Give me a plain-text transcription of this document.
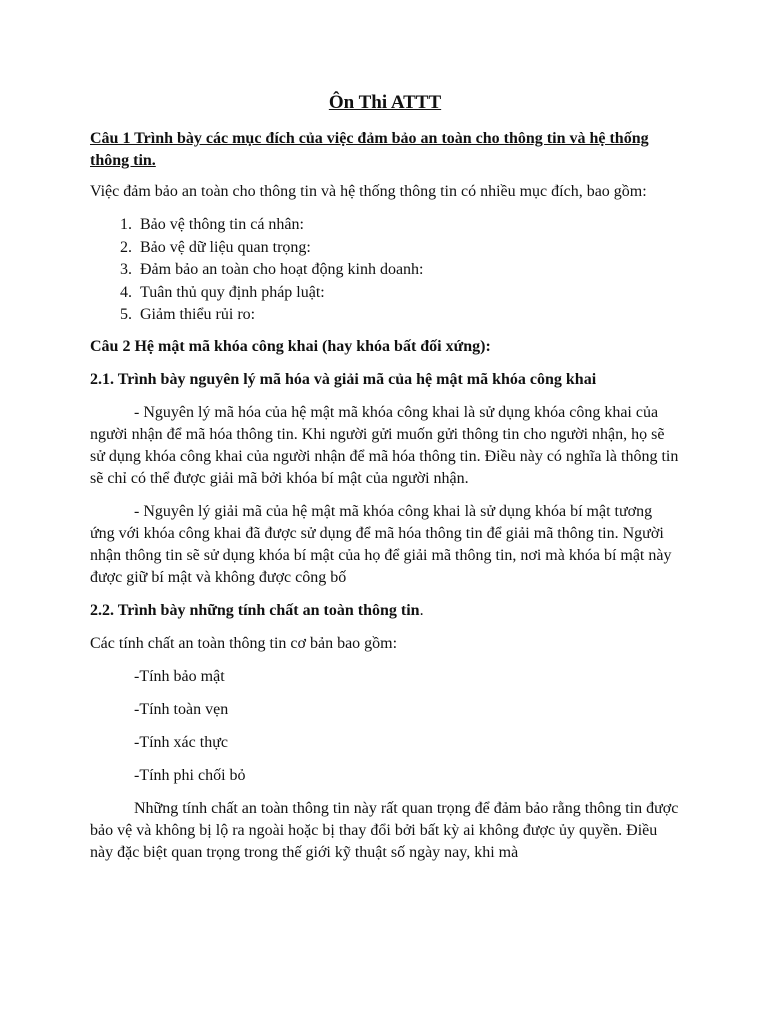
Ôn Thi ATTT
Câu 1 Trình bày các mục đích của việc đảm bảo an toàn cho thông tin và hệ thống thông tin.

Việc đảm bảo an toàn cho thông tin và hệ thống thông tin có nhiều mục đích, bao gồm:

1. Bảo vệ thông tin cá nhân:
2. Bảo vệ dữ liệu quan trọng:
3. Đảm bảo an toàn cho hoạt động kinh doanh:
4. Tuân thủ quy định pháp luật:
5. Giảm thiểu rủi ro:
Câu 2 Hệ mật mã khóa công khai (hay khóa bất đối xứng):
2.1. Trình bày nguyên lý mã hóa và giải mã của hệ mật mã khóa công khai

- Nguyên lý mã hóa của hệ mật mã khóa công khai là sử dụng khóa công khai của người nhận để mã hóa thông tin. Khi người gửi muốn gửi thông tin cho người nhận, họ sẽ sử dụng khóa công khai của người nhận để mã hóa thông tin. Điều này có nghĩa là thông tin sẽ chỉ có thể được giải mã bởi khóa bí mật của người nhận.

- Nguyên lý giải mã của hệ mật mã khóa công khai là sử dụng khóa bí mật tương ứng với khóa công khai đã được sử dụng để mã hóa thông tin để giải mã thông tin. Người nhận thông tin sẽ sử dụng khóa bí mật của họ để giải mã thông tin, nơi mà khóa bí mật này được giữ bí mật và không được công bố

2.2. Trình bày những tính chất an toàn thông tin.

Các tính chất an toàn thông tin cơ bản bao gồm:

-Tính bảo mật
-Tính toàn vẹn
-Tính xác thực
-Tính phi chối bỏ

Những tính chất an toàn thông tin này rất quan trọng để đảm bảo rằng thông tin được bảo vệ và không bị lộ ra ngoài hoặc bị thay đổi bởi bất kỳ ai không được ủy quyền. Điều này đặc biệt quan trọng trong thế giới kỹ thuật số ngày nay, khi mà
